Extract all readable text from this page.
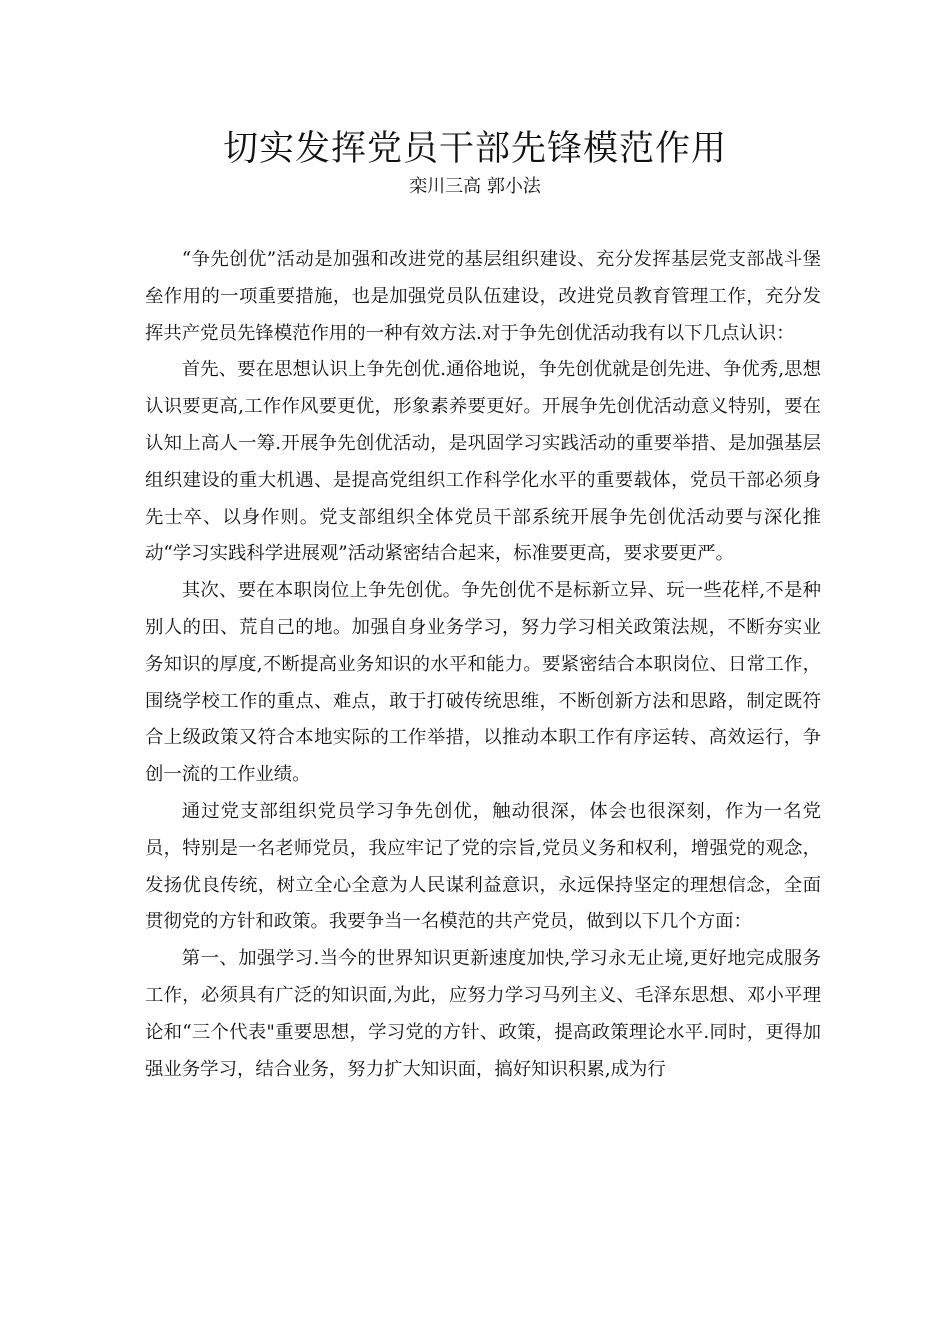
切实发挥党员干部先锋模范作用

栾川三高 郭小法

“争先创优”活动是加强和改进党的基层组织建设、充分发挥基层党支部战斗堡垒作用的一项重要措施，也是加强党员队伍建设，改进党员教育管理工作，充分发挥共产党员先锋模范作用的一种有效方法.对于争先创优活动我有以下几点认识：

首先、要在思想认识上争先创优.通俗地说，争先创优就是创先进、争优秀,思想认识要更高,工作作风要更优，形象素养要更好。开展争先创优活动意义特别，要在认知上高人一筹.开展争先创优活动，是巩固学习实践活动的重要举措、是加强基层组织建设的重大机遇、是提高党组织工作科学化水平的重要载体，党员干部必须身先士卒、以身作则。党支部组织全体党员干部系统开展争先创优活动要与深化推动“学习实践科学进展观”活动紧密结合起来，标准要更高，要求要更严。

其次、要在本职岗位上争先创优。争先创优不是标新立异、玩一些花样,不是种别人的田、荒自己的地。加强自身业务学习，努力学习相关政策法规，不断夯实业务知识的厚度,不断提高业务知识的水平和能力。要紧密结合本职岗位、日常工作，围绕学校工作的重点、难点，敢于打破传统思维，不断创新方法和思路，制定既符合上级政策又符合本地实际的工作举措，以推动本职工作有序运转、高效运行，争创一流的工作业绩。

通过党支部组织党员学习争先创优，触动很深，体会也很深刻，作为一名党员，特别是一名老师党员，我应牢记了党的宗旨,党员义务和权利，增强党的观念，发扬优良传统，树立全心全意为人民谋利益意识，永远保持坚定的理想信念，全面贯彻党的方针和政策。我要争当一名模范的共产党员，做到以下几个方面：

第一、加强学习.当今的世界知识更新速度加快,学习永无止境,更好地完成服务工作，必须具有广泛的知识面,为此，应努力学习马列主义、毛泽东思想、邓小平理论和“三个代表"重要思想，学习党的方针、政策，提高政策理论水平.同时，更得加强业务学习，结合业务，努力扩大知识面，搞好知识积累,成为行
